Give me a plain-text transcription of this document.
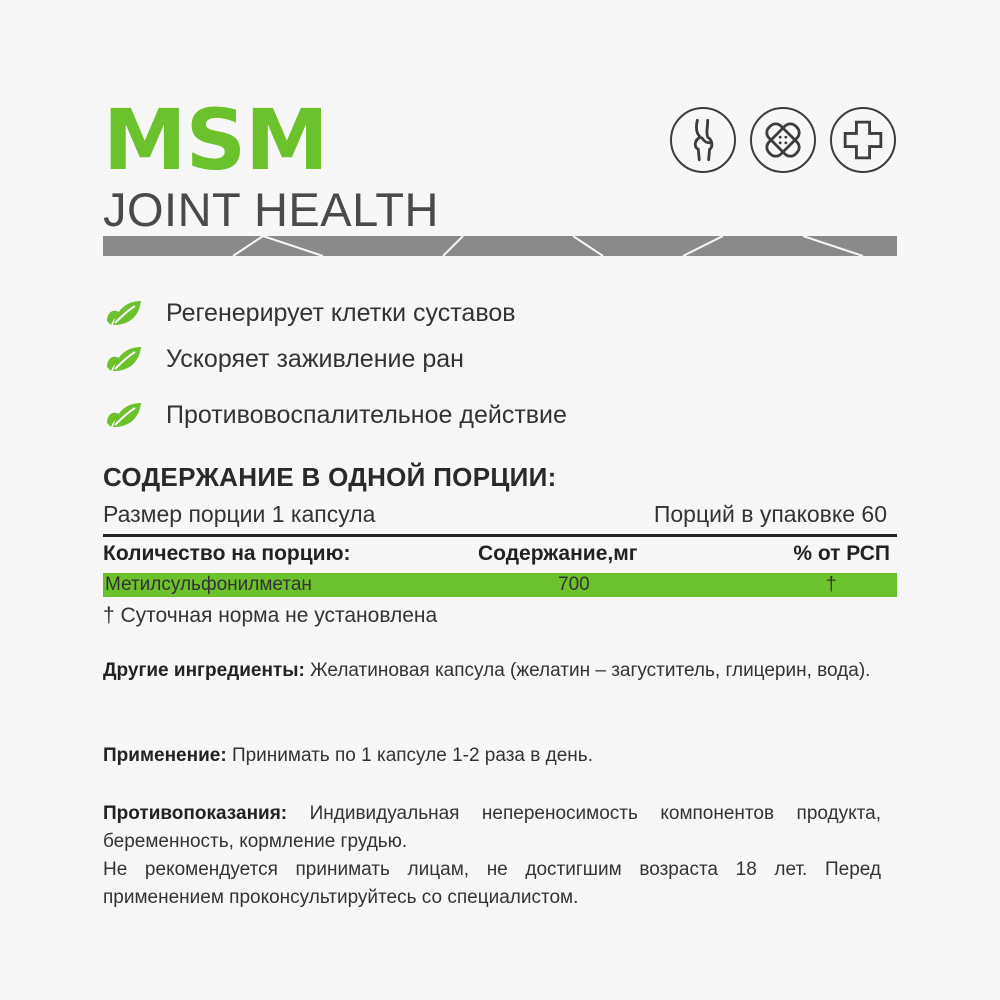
MSM
JOINT HEALTH
Регенерирует клетки суставов
Ускоряет заживление ран
Противовоспалительное действие
СОДЕРЖАНИЕ В ОДНОЙ ПОРЦИИ:
Размер порции 1 капсула	Порций в упаковке 60
Количество на порцию:	Содержание,мг	% от РСП
Метилсульфонилметан	700	†
† Суточная норма не установлена
Другие ингредиенты: Желатиновая капсула (желатин – загуститель, глицерин, вода).
Применение: Принимать по 1 капсуле 1-2 раза в день.
Противопоказания: Индивидуальная непереносимость компонентов продукта, беременность, кормление грудью.
Не рекомендуется принимать лицам, не достигшим возраста 18 лет. Перед применением проконсультируйтесь со специалистом.
